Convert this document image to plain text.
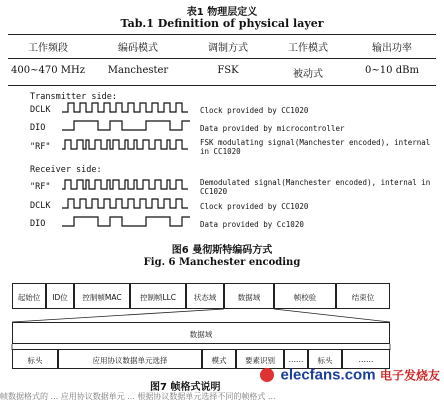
表1 物理层定义
Tab.1 Definition of physical layer
工作频段	编码模式	调制方式	工作模式	输出功率
400~470 MHz	Manchester	FSK	被动式	0~10 dBm
Transmitter side:
DCLK	Clock provided by CC1020
DIO	Data provided by microcontroller
"RF"	FSK modulating signal(Manchester encoded), internal in CC1020
Receiver side:
"RF"	Demodulated signal(Manchester encoded), internal in CC1020
DCLK	Clock provided by CC1020
DIO	Data provided by Cc1020
图6 曼彻斯特编码方式
Fig. 6 Manchester encoding
起始位	ID位	控制帧MAC	控制帧LLC	状态域	数据域	帧校验	结束位
数据域
标头	应用协议数据单元选择	模式	要素识别	……	标头	……
图7 帧格式说明
elecfans.com 电子发烧友
帧数据格式的 ... 应用协议数据单元 ... 根据协议数据单元选择不同的帧格式 ...
